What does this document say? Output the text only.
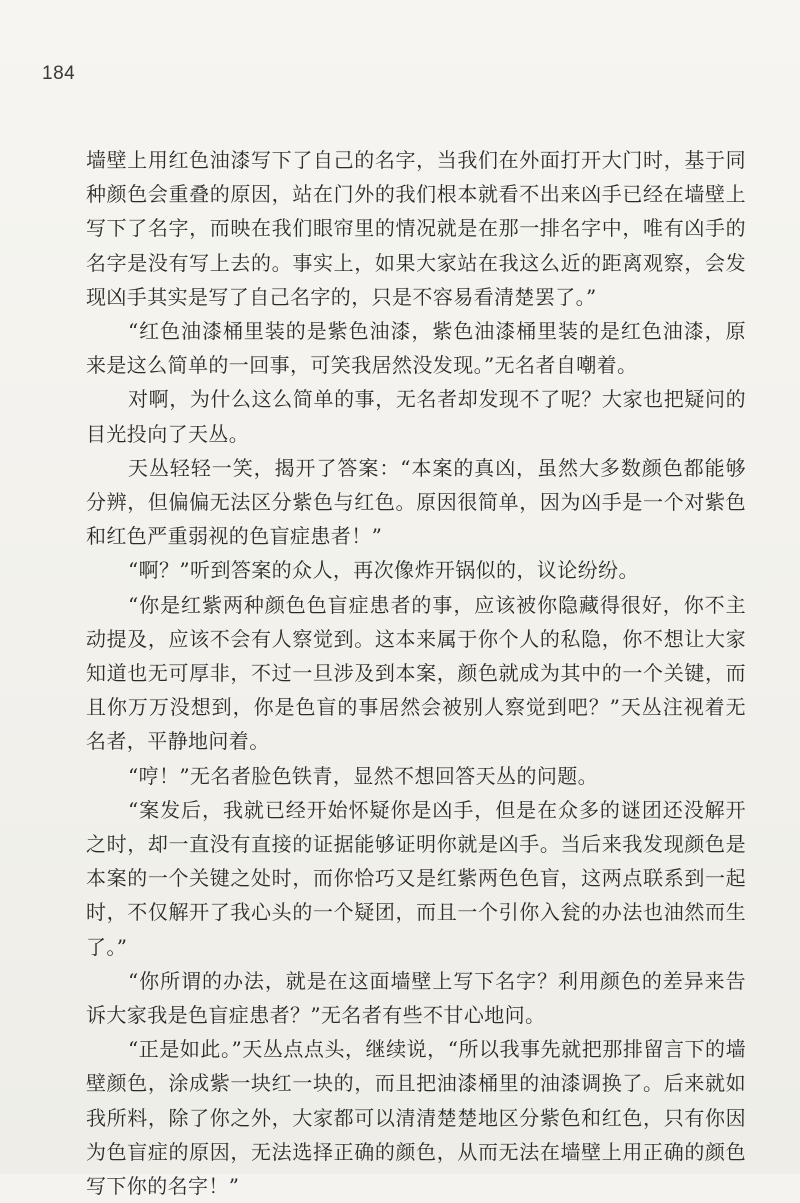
184

墙壁上用红色油漆写下了自己的名字，当我们在外面打开大门时，基于同种颜色会重叠的原因，站在门外的我们根本就看不出来凶手已经在墙壁上写下了名字，而映在我们眼帘里的情况就是在那一排名字中，唯有凶手的名字是没有写上去的。事实上，如果大家站在我这么近的距离观察，会发现凶手其实是写了自己名字的，只是不容易看清楚罢了。”

“红色油漆桶里装的是紫色油漆，紫色油漆桶里装的是红色油漆，原来是这么简单的一回事，可笑我居然没发现。”无名者自嘲着。

对啊，为什么这么简单的事，无名者却发现不了呢？大家也把疑问的目光投向了天丛。

天丛轻轻一笑，揭开了答案：“本案的真凶，虽然大多数颜色都能够分辨，但偏偏无法区分紫色与红色。原因很简单，因为凶手是一个对紫色和红色严重弱视的色盲症患者！”

“啊？”听到答案的众人，再次像炸开锅似的，议论纷纷。

“你是红紫两种颜色色盲症患者的事，应该被你隐藏得很好，你不主动提及，应该不会有人察觉到。这本来属于你个人的私隐，你不想让大家知道也无可厚非，不过一旦涉及到本案，颜色就成为其中的一个关键，而且你万万没想到，你是色盲的事居然会被别人察觉到吧？”天丛注视着无名者，平静地问着。

“哼！”无名者脸色铁青，显然不想回答天丛的问题。

“案发后，我就已经开始怀疑你是凶手，但是在众多的谜团还没解开之时，却一直没有直接的证据能够证明你就是凶手。当后来我发现颜色是本案的一个关键之处时，而你恰巧又是红紫两色色盲，这两点联系到一起时，不仅解开了我心头的一个疑团，而且一个引你入瓮的办法也油然而生了。”

“你所谓的办法，就是在这面墙壁上写下名字？利用颜色的差异来告诉大家我是色盲症患者？”无名者有些不甘心地问。

“正是如此。”天丛点点头，继续说，“所以我事先就把那排留言下的墙壁颜色，涂成紫一块红一块的，而且把油漆桶里的油漆调换了。后来就如我所料，除了你之外，大家都可以清清楚楚地区分紫色和红色，只有你因为色盲症的原因，无法选择正确的颜色，从而无法在墙壁上用正确的颜色写下你的名字！”
